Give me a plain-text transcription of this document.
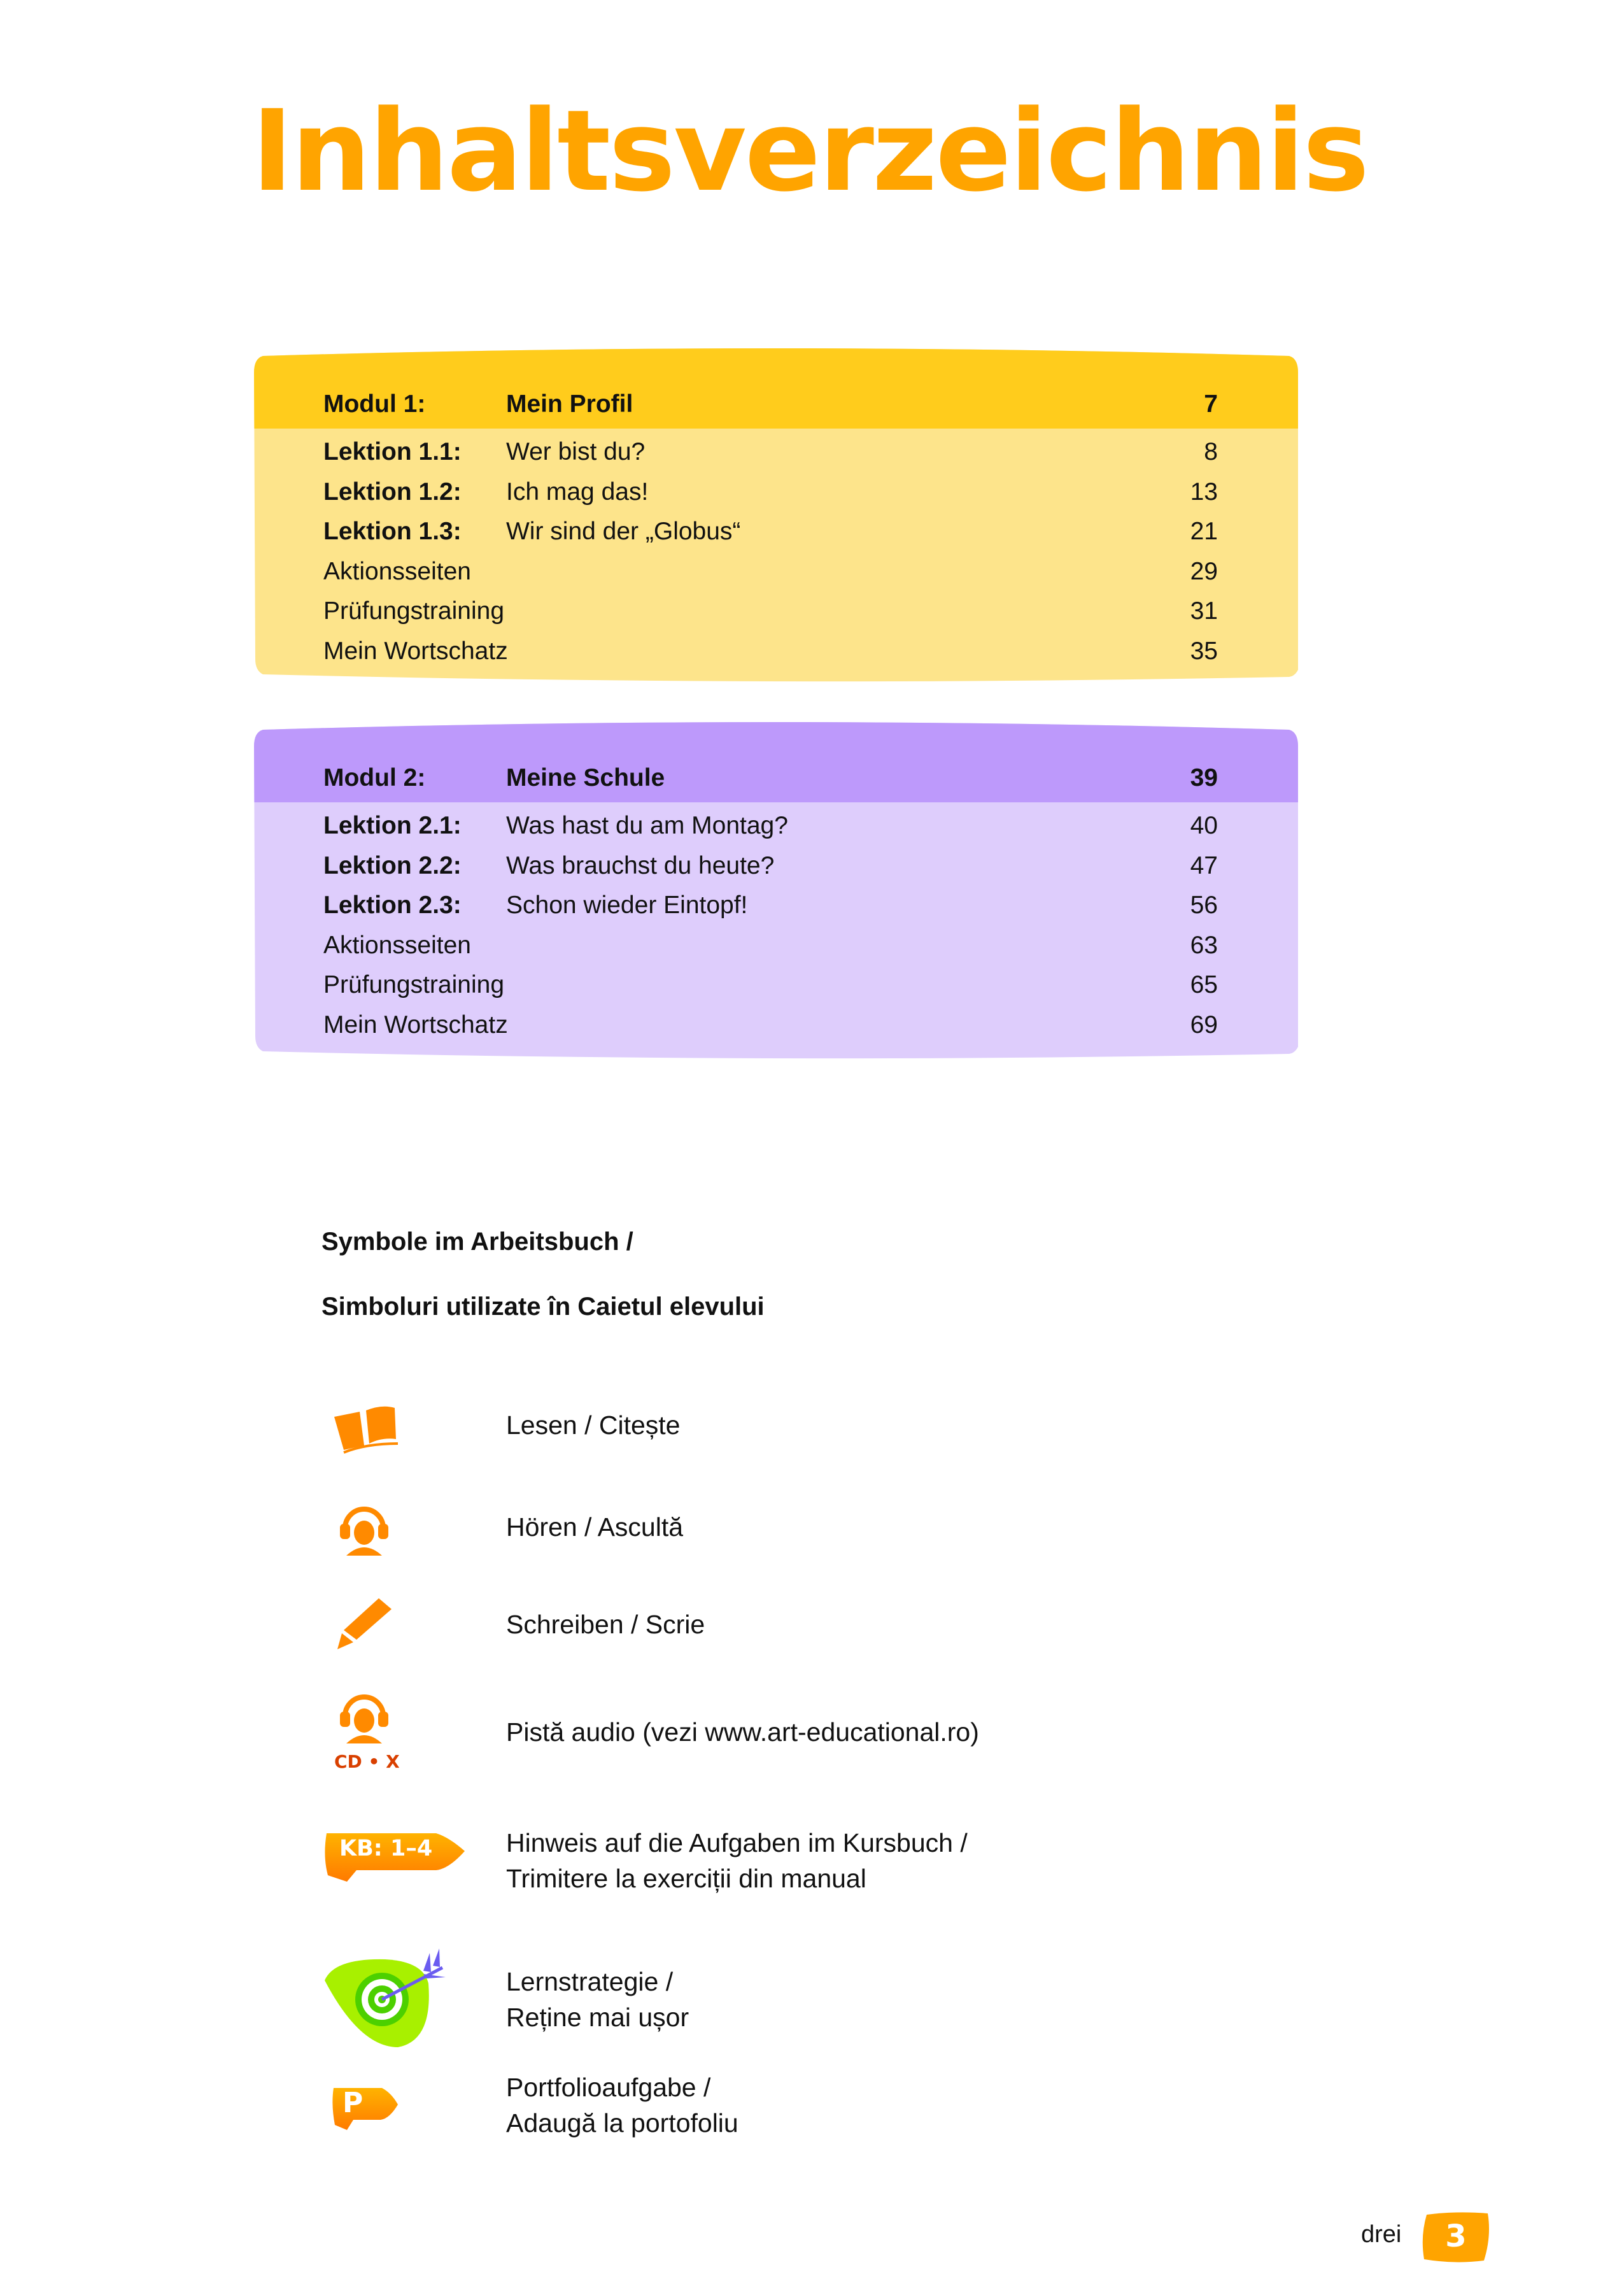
Inhaltsverzeichnis
Modul 1:	Mein Profil	7
Lektion 1.1: Wer bist du?	8
Lektion 1.2: Ich mag das!	13
Lektion 1.3: Wir sind der „Globus“	21
Aktionsseiten	29
Prüfungstraining	31
Mein Wortschatz	35
Modul 2:	Meine Schule	39
Lektion 2.1: Was hast du am Montag?	40
Lektion 2.2: Was brauchst du heute?	47
Lektion 2.3: Schon wieder Eintopf!	56
Aktionsseiten	63
Prüfungstraining	65
Mein Wortschatz	69
Symbole im Arbeitsbuch /
Simboluri utilizate în Caietul elevului
Lesen / Citește
Hören / Ascultă
Schreiben / Scrie
CD • X
Pistă audio (vezi www.art-educational.ro)
KB: 1–4	Hinweis auf die Aufgaben im Kursbuch /
Trimitere la exerciții din manual
Lernstrategie /
Reține mai ușor
P	Portfolioaufgabe /
Adaugă la portofoliu
drei	3
